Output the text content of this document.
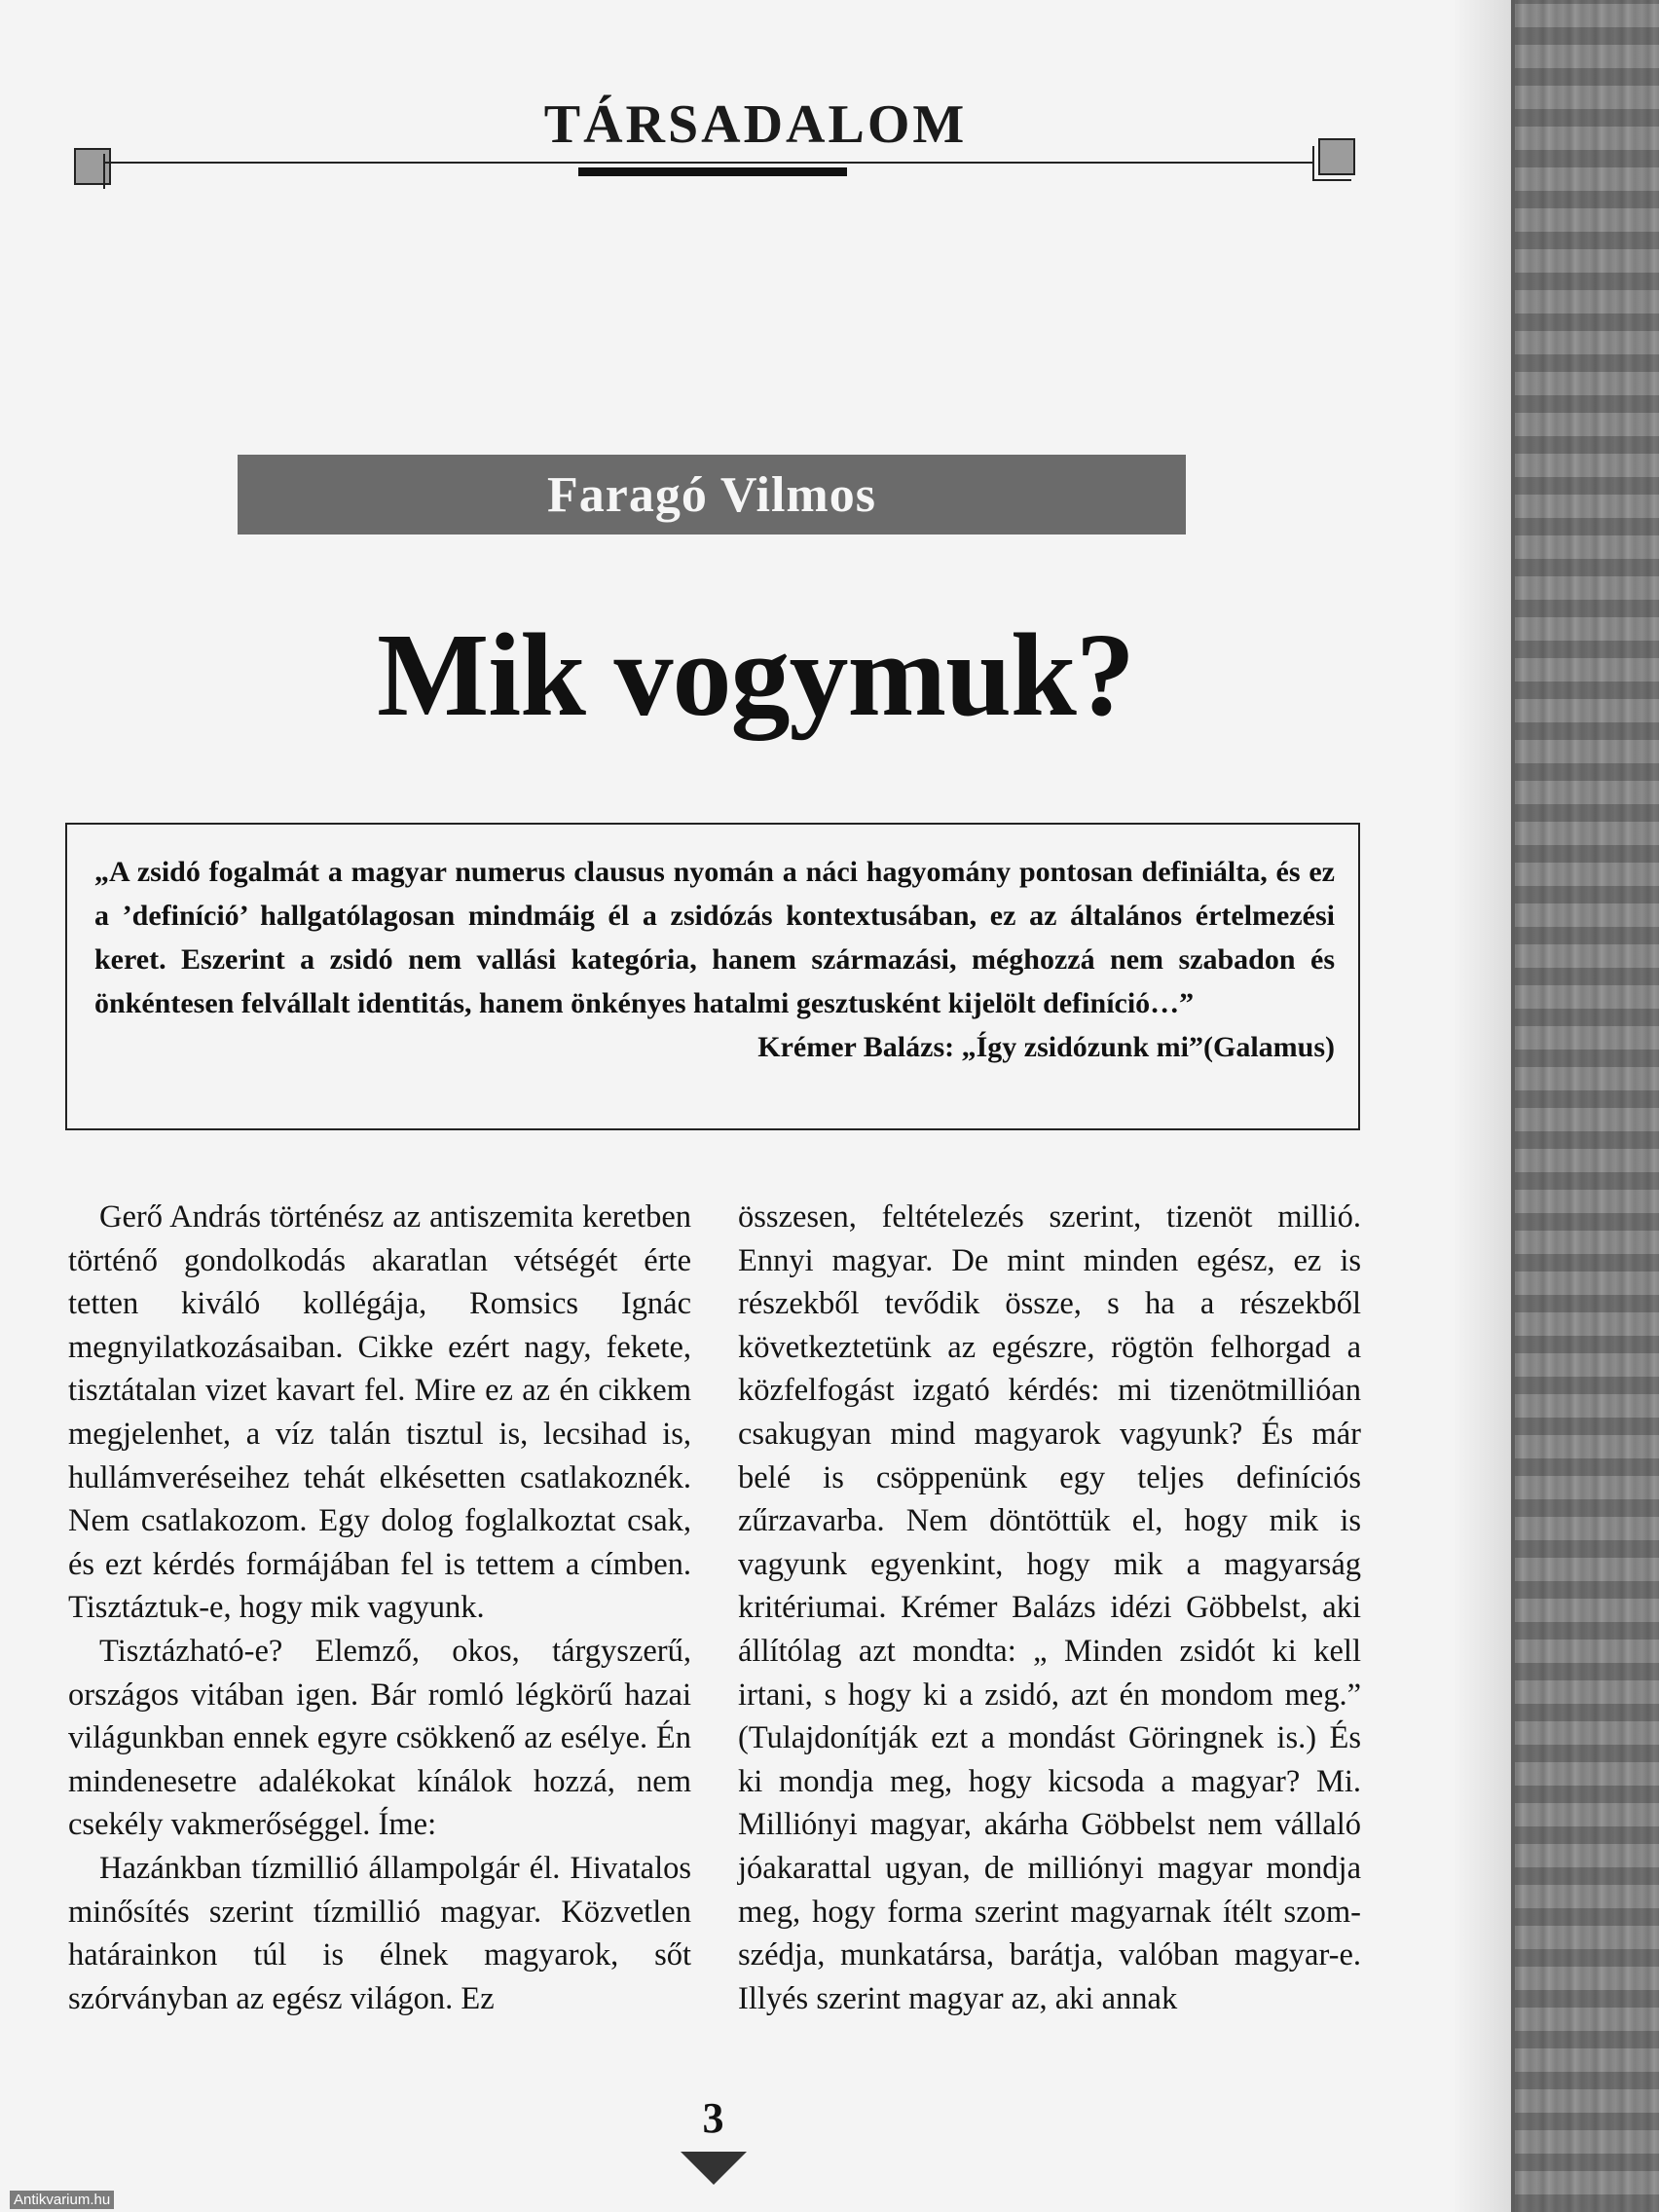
TÁRSADALOM
Faragó Vilmos
Mik vogymuk?
„A zsidó fogalmát a magyar numerus clausus nyomán a náci hagyomány pontosan definiálta, és ez a ’definíció’ hallgatólagosan mindmáig él a zsidózás kontextusában, ez az általános értelmezési keret. Eszerint a zsidó nem vallási kategória, hanem származási, méghozzá nem szabadon és önkéntesen felvállalt identitás, hanem önkényes hatalmi gesztusként kijelölt definíció…”
Krémer Balázs: „Így zsidózunk mi”(Galamus)

Gerő András történész az antiszemita keretben történő gondolkodás akaratlan vétségét érte tetten kiváló kollégája, Romsics Ignác megnyilatkozásaiban. Cikke ezért nagy, fekete, tisztátalan vizet kavart fel. Mire ez az én cikkem megjelenhet, a víz talán tisztul is, lecsihad is, hullámveréseihez tehát elkésetten csatlakoznék. Nem csatlakozom. Egy dolog foglalkoztat csak, és ezt kérdés formájában fel is tettem a címben. Tisztáztuk-e, hogy mik vagyunk.

Tisztázható-e? Elemző, okos, tárgyszerű, országos vitában igen. Bár romló légkörű hazai világunkban ennek egyre csökkenő az esélye. Én mindenesetre adalékokat kínálok hozzá, nem csekély vakmerőséggel. Íme:

Hazánkban tízmillió állampolgár él. Hivatalos minősítés szerint tízmillió magyar. Közvetlen határainkon túl is élnek magyarok, sőt szórványban az egész világon. Ez

összesen, feltételezés szerint, tizenöt millió. Ennyi magyar. De mint minden egész, ez is részekből tevődik össze, s ha a részekből következtetünk az egészre, rögtön felhorgad a közfelfogást izgató kérdés: mi tizenötmillióan csakugyan mind magyarok vagyunk? És már belé is csöppenünk egy teljes definíciós zűrzavarba. Nem döntöttük el, hogy mik is vagyunk egyenkint, hogy mik a magyarság kritériumai. Krémer Balázs idézi Göbbelst, aki állítólag azt mondta: „ Minden zsidót ki kell irtani, s hogy ki a zsidó, azt én mondom meg.” (Tulajdonítják ezt a mondást Göringnek is.) És ki mondja meg, hogy kicsoda a magyar? Mi. Milliónyi magyar, akárha Göbbelst nem vállaló jóakarattal ugyan, de milliónyi magyar mondja meg, hogy forma szerint magyarnak ítélt szomszédja, munkatársa, barátja, valóban magyar-e. Illyés szerint magyar az, aki annak

3
Antikvarium.hu
